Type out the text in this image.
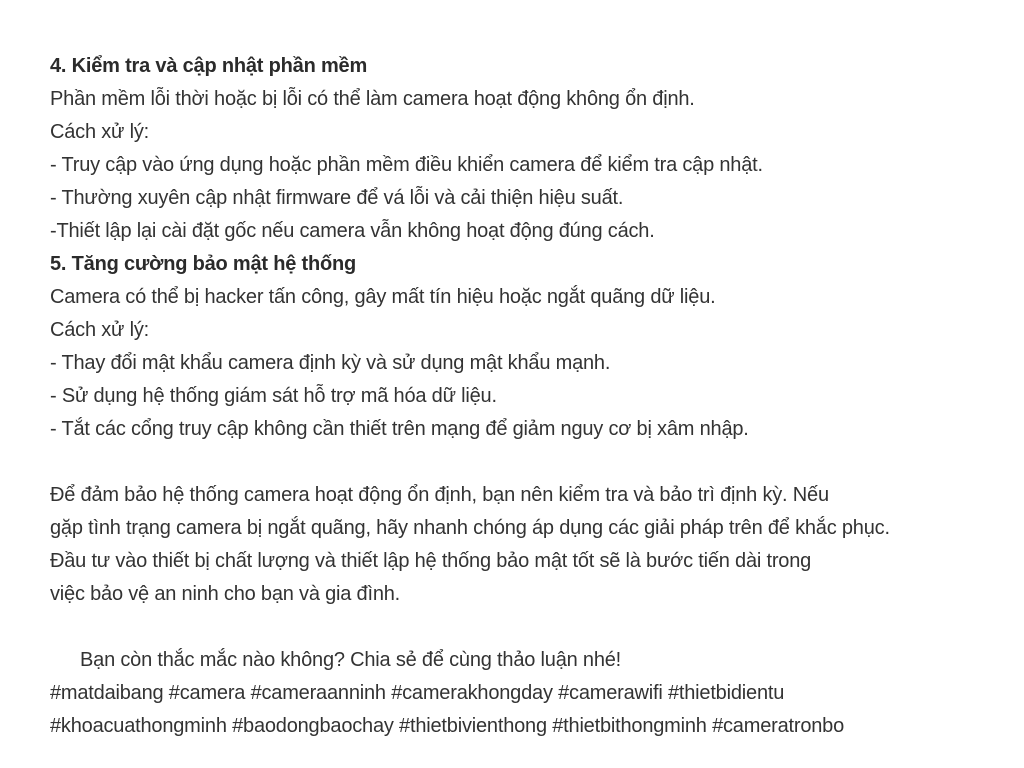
4. Kiểm tra và cập nhật phần mềm
Phần mềm lỗi thời hoặc bị lỗi có thể làm camera hoạt động không ổn định.
Cách xử lý:
- Truy cập vào ứng dụng hoặc phần mềm điều khiển camera để kiểm tra cập nhật.
- Thường xuyên cập nhật firmware để vá lỗi và cải thiện hiệu suất.
-Thiết lập lại cài đặt gốc nếu camera vẫn không hoạt động đúng cách.
5. Tăng cường bảo mật hệ thống
Camera có thể bị hacker tấn công, gây mất tín hiệu hoặc ngắt quãng dữ liệu.
Cách xử lý:
- Thay đổi mật khẩu camera định kỳ và sử dụng mật khẩu mạnh.
- Sử dụng hệ thống giám sát hỗ trợ mã hóa dữ liệu.
- Tắt các cổng truy cập không cần thiết trên mạng để giảm nguy cơ bị xâm nhập.
Để đảm bảo hệ thống camera hoạt động ổn định, bạn nên kiểm tra và bảo trì định kỳ. Nếu
gặp tình trạng camera bị ngắt quãng, hãy nhanh chóng áp dụng các giải pháp trên để khắc phục.
Đầu tư vào thiết bị chất lượng và thiết lập hệ thống bảo mật tốt sẽ là bước tiến dài trong
việc bảo vệ an ninh cho bạn và gia đình.
Bạn còn thắc mắc nào không? Chia sẻ để cùng thảo luận nhé!
#matdaibang #camera #cameraanninh #camerakhongday #camerawifi #thietbidientu
#khoacuathongminh #baodongbaochay #thietbivienthong #thietbithongminh #cameratronbo
